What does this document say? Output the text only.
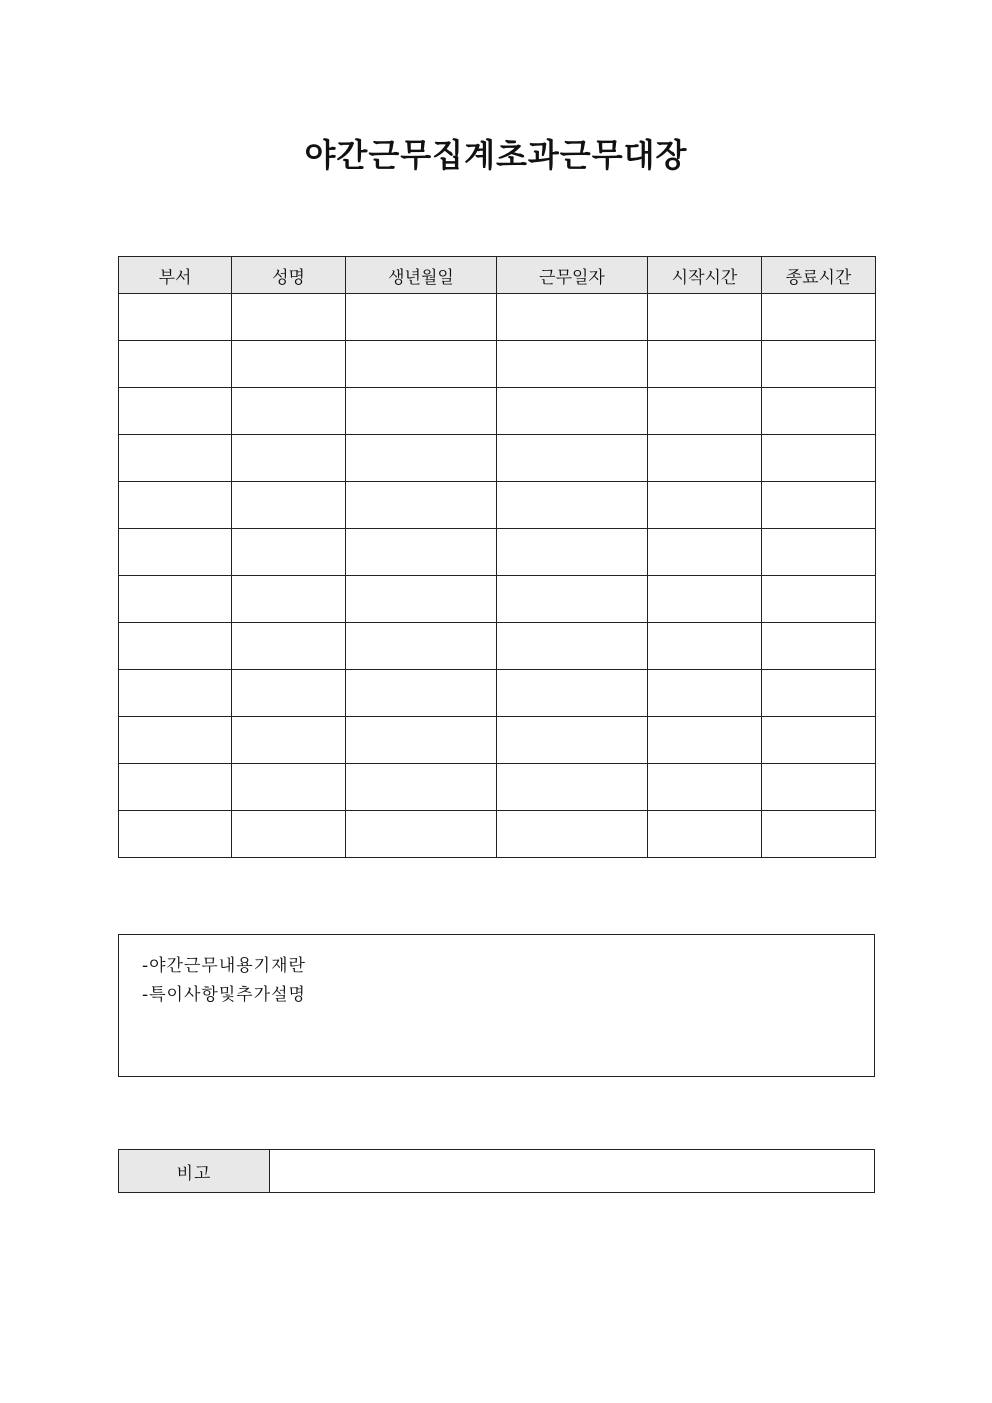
야간근무집계초과근무대장
부서	성명	생년월일	근무일자	시작시간	종료시간

-야간근무내용기재란
-특이사항및추가설명
비고	
